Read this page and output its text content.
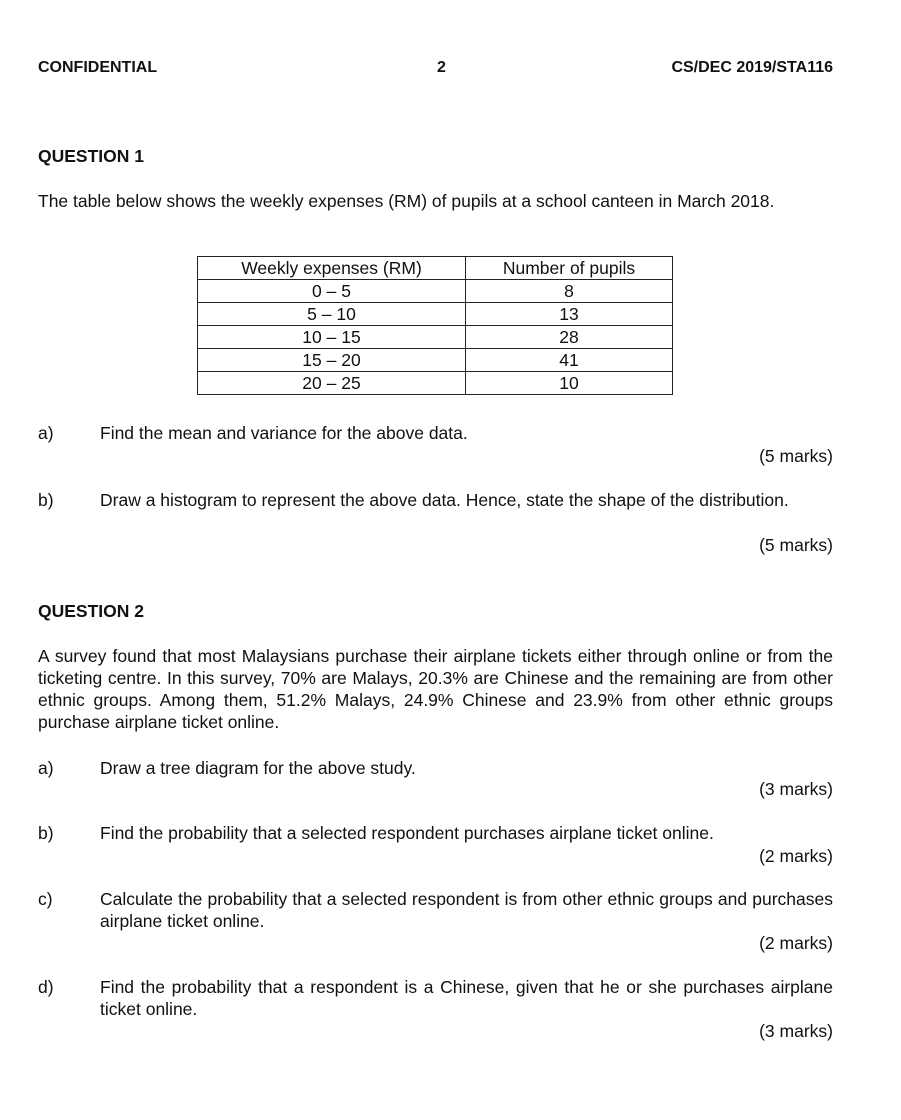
CONFIDENTIAL	2	CS/DEC 2019/STA116
QUESTION 1
The table below shows the weekly expenses (RM) of pupils at a school canteen in March 2018.
Weekly expenses (RM)	Number of pupils
0 – 5	8
5 – 10	13
10 – 15	28
15 – 20	41
20 – 25	10
a)	Find the mean and variance for the above data.
(5 marks)
b)	Draw a histogram to represent the above data. Hence, state the shape of the distribution.
(5 marks)
QUESTION 2
A survey found that most Malaysians purchase their airplane tickets either through online or from the ticketing centre. In this survey, 70% are Malays, 20.3% are Chinese and the remaining are from other ethnic groups. Among them, 51.2% Malays, 24.9% Chinese and 23.9% from other ethnic groups purchase airplane ticket online.
a)	Draw a tree diagram for the above study.
(3 marks)
b)	Find the probability that a selected respondent purchases airplane ticket online.
(2 marks)
c)	Calculate the probability that a selected respondent is from other ethnic groups and purchases airplane ticket online.
(2 marks)
d)	Find the probability that a respondent is a Chinese, given that he or she purchases airplane ticket online.
(3 marks)
